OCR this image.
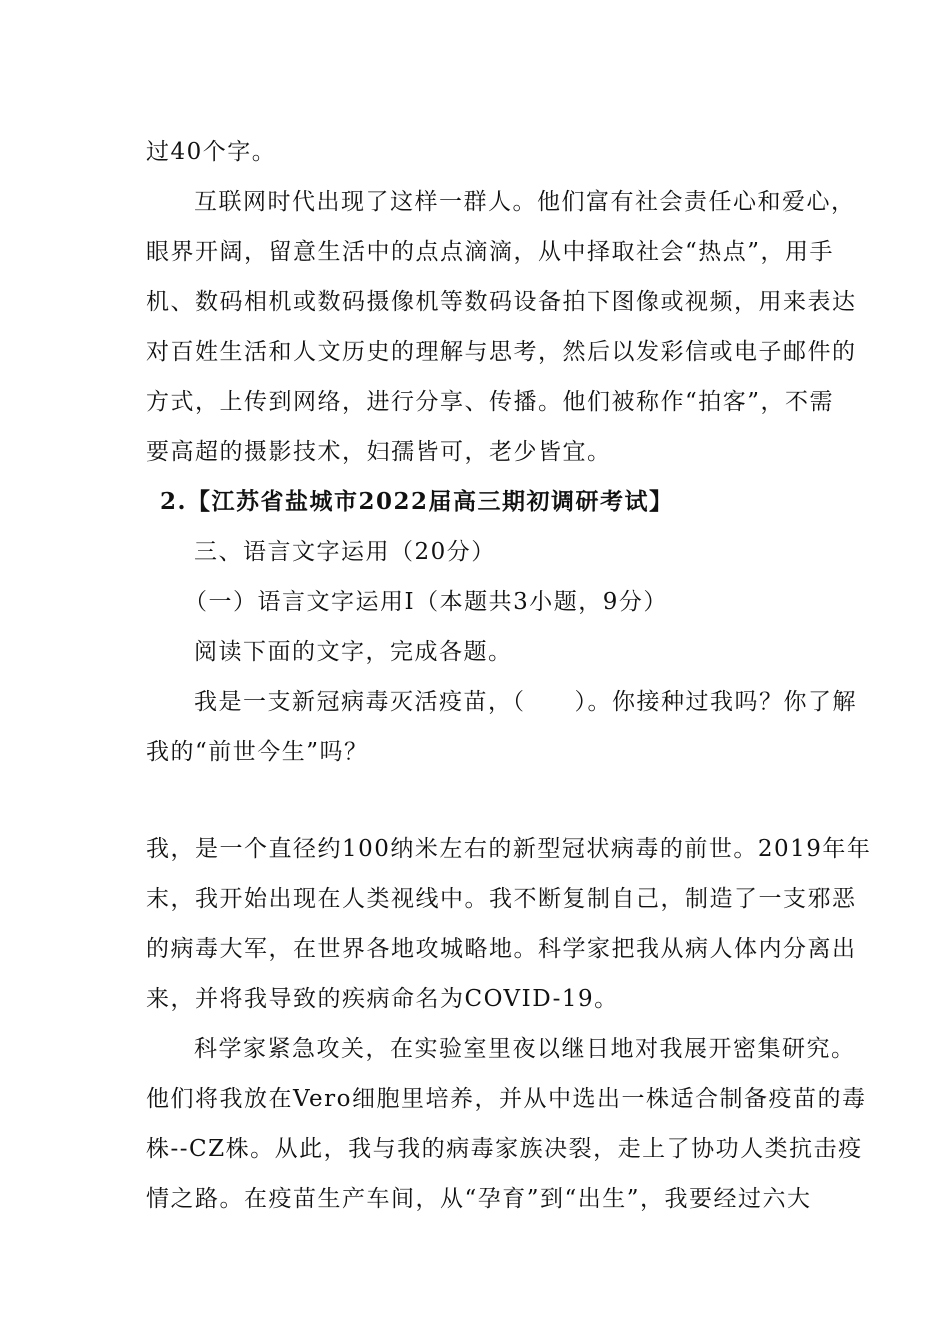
过40个字。
互联网时代出现了这样一群人。他们富有社会责任心和爱心，
眼界开阔，留意生活中的点点滴滴，从中择取社会“热点”，用手
机、数码相机或数码摄像机等数码设备拍下图像或视频，用来表达
对百姓生活和人文历史的理解与思考，然后以发彩信或电子邮件的
方式，上传到网络，进行分享、传播。他们被称作“拍客”，不需
要高超的摄影技术，妇孺皆可，老少皆宜。
2.【江苏省盐城市2022届高三期初调研考试】
三、语言文字运用（20分）
（一）语言文字运用Ⅰ（本题共3小题，9分）
阅读下面的文字，完成各题。
我是一支新冠病毒灭活疫苗，（　　）。你接种过我吗？你了解
我的“前世今生”吗？
我，是一个直径约100纳米左右的新型冠状病毒的前世。2019年年
末，我开始出现在人类视线中。我不断复制自己，制造了一支邪恶
的病毒大军，在世界各地攻城略地。科学家把我从病人体内分离出
来，并将我导致的疾病命名为COVID-19。
科学家紧急攻关，在实验室里夜以继日地对我展开密集研究。
他们将我放在Vero细胞里培养，并从中选出一株适合制备疫苗的毒
株--CZ株。从此，我与我的病毒家族决裂，走上了协功人类抗击疫
情之路。在疫苗生产车间，从“孕育”到“出生”，我要经过六大
